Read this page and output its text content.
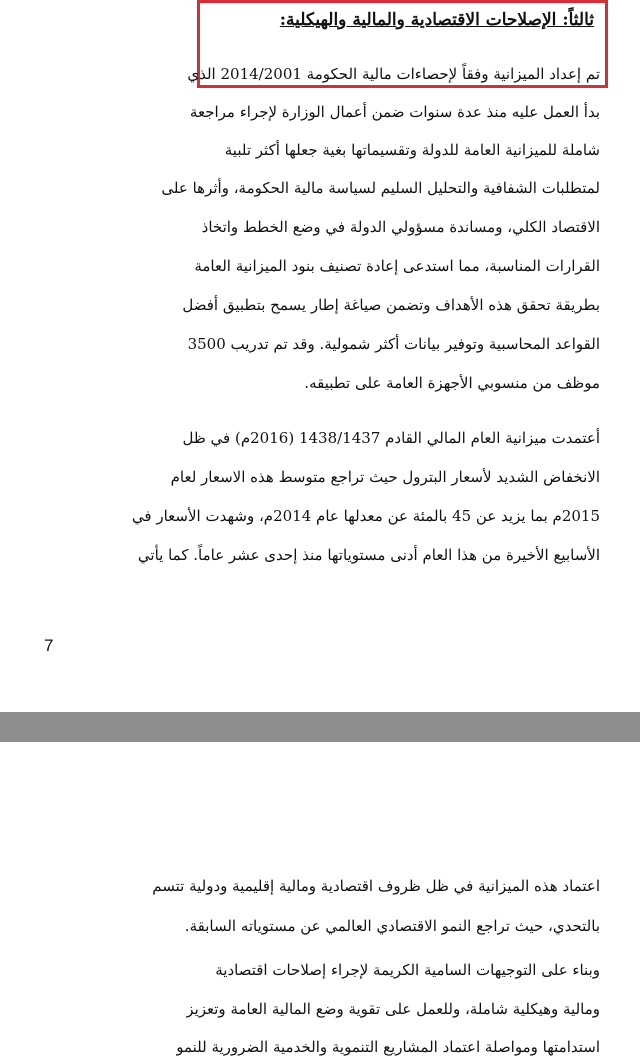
ثالثاً: الإصلاحات الاقتصادية والمالية والهيكلية:

تم إعداد الميزانية وفقاً لإحصاءات مالية الحكومة 2014/2001 الذي

بدأ العمل عليه منذ عدة سنوات ضمن أعمال الوزارة لإجراء مراجعة

شاملة للميزانية العامة للدولة وتقسيماتها بغية جعلها أكثر تلبية

لمتطلبات الشفافية والتحليل السليم لسياسة مالية الحكومة، وأثرها على

الاقتصاد الكلي، ومساندة مسؤولي الدولة في وضع الخطط واتخاذ

القرارات المناسبة، مما استدعى إعادة تصنيف بنود الميزانية العامة

بطريقة تحقق هذه الأهداف وتضمن صياغة إطار يسمح بتطبيق أفضل

القواعد المحاسبية وتوفير بيانات أكثر شمولية. وقد تم تدريب 3500

موظف من منسوبي الأجهزة العامة على تطبيقه.

أعتمدت ميزانية العام المالي القادم 1438/1437 (2016م) في ظل

الانخفاض الشديد لأسعار البترول حيث تراجع متوسط هذه الاسعار لعام

2015م بما يزيد عن 45 بالمئة عن معدلها عام 2014م، وشهدت الأسعار في

الأسابيع الأخيرة من هذا العام أدنى مستوياتها منذ إحدى عشر عاماً. كما يأتي

7

اعتماد هذه الميزانية في ظل ظروف اقتصادية ومالية إقليمية ودولية تتسم

بالتحدي، حيث تراجع النمو الاقتصادي العالمي عن مستوياته السابقة.

وبناء على التوجيهات السامية الكريمة لإجراء إصلاحات اقتصادية

ومالية وهيكلية شاملة، وللعمل على تقوية وضع المالية العامة وتعزيز

استدامتها ومواصلة اعتماد المشاريع التنموية والخدمية الضرورية للنمو
